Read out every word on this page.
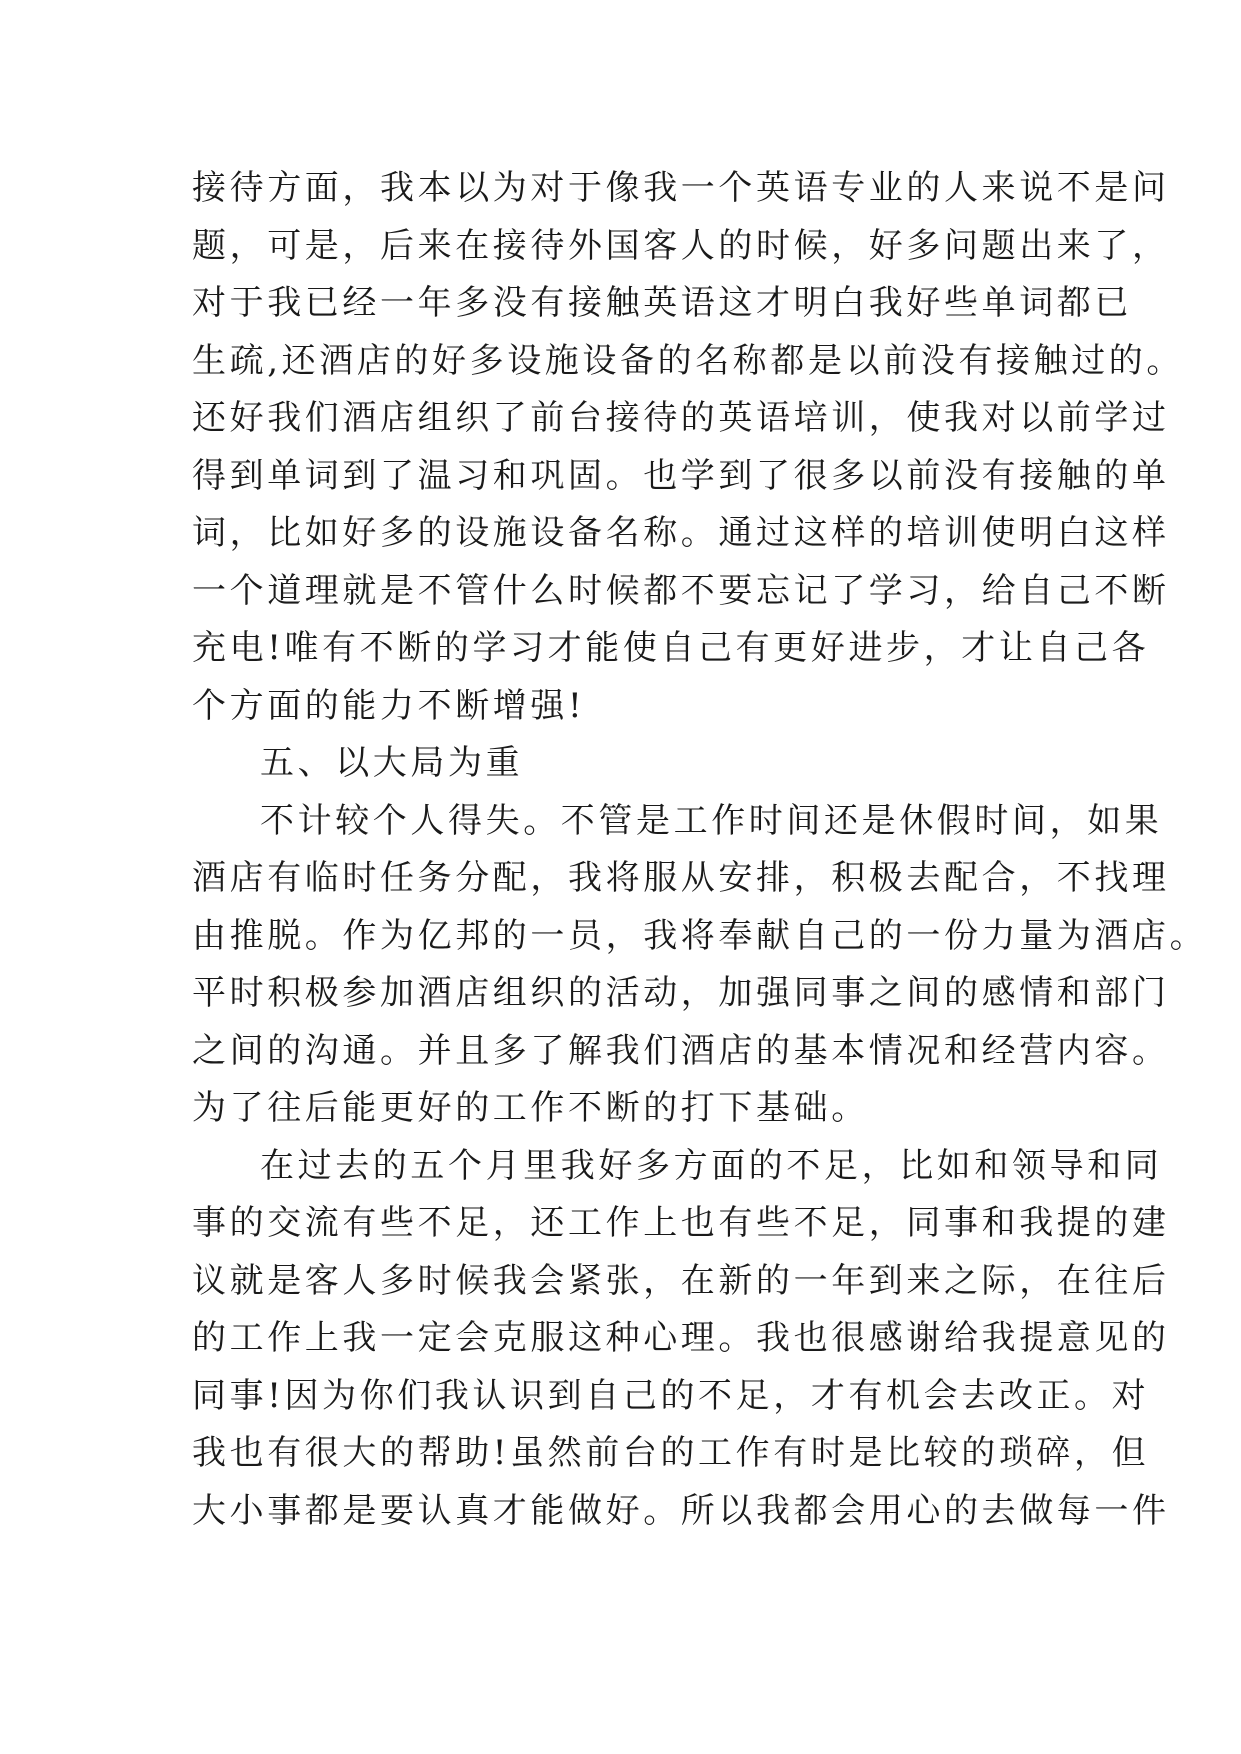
接待方面，我本以为对于像我一个英语专业的人来说不是问
题，可是，后来在接待外国客人的时候，好多问题出来了，
对于我已经一年多没有接触英语这才明白我好些单词都已
生疏,还酒店的好多设施设备的名称都是以前没有接触过的。
还好我们酒店组织了前台接待的英语培训，使我对以前学过
得到单词到了温习和巩固。也学到了很多以前没有接触的单
词，比如好多的设施设备名称。通过这样的培训使明白这样
一个道理就是不管什么时候都不要忘记了学习，给自己不断
充电!唯有不断的学习才能使自己有更好进步，才让自己各
个方面的能力不断增强!
五、以大局为重
不计较个人得失。不管是工作时间还是休假时间，如果
酒店有临时任务分配，我将服从安排，积极去配合，不找理
由推脱。作为亿邦的一员，我将奉献自己的一份力量为酒店。
平时积极参加酒店组织的活动，加强同事之间的感情和部门
之间的沟通。并且多了解我们酒店的基本情况和经营内容。
为了往后能更好的工作不断的打下基础。
在过去的五个月里我好多方面的不足，比如和领导和同
事的交流有些不足，还工作上也有些不足，同事和我提的建
议就是客人多时候我会紧张，在新的一年到来之际，在往后
的工作上我一定会克服这种心理。我也很感谢给我提意见的
同事!因为你们我认识到自己的不足，才有机会去改正。对
我也有很大的帮助!虽然前台的工作有时是比较的琐碎，但
大小事都是要认真才能做好。所以我都会用心的去做每一件
